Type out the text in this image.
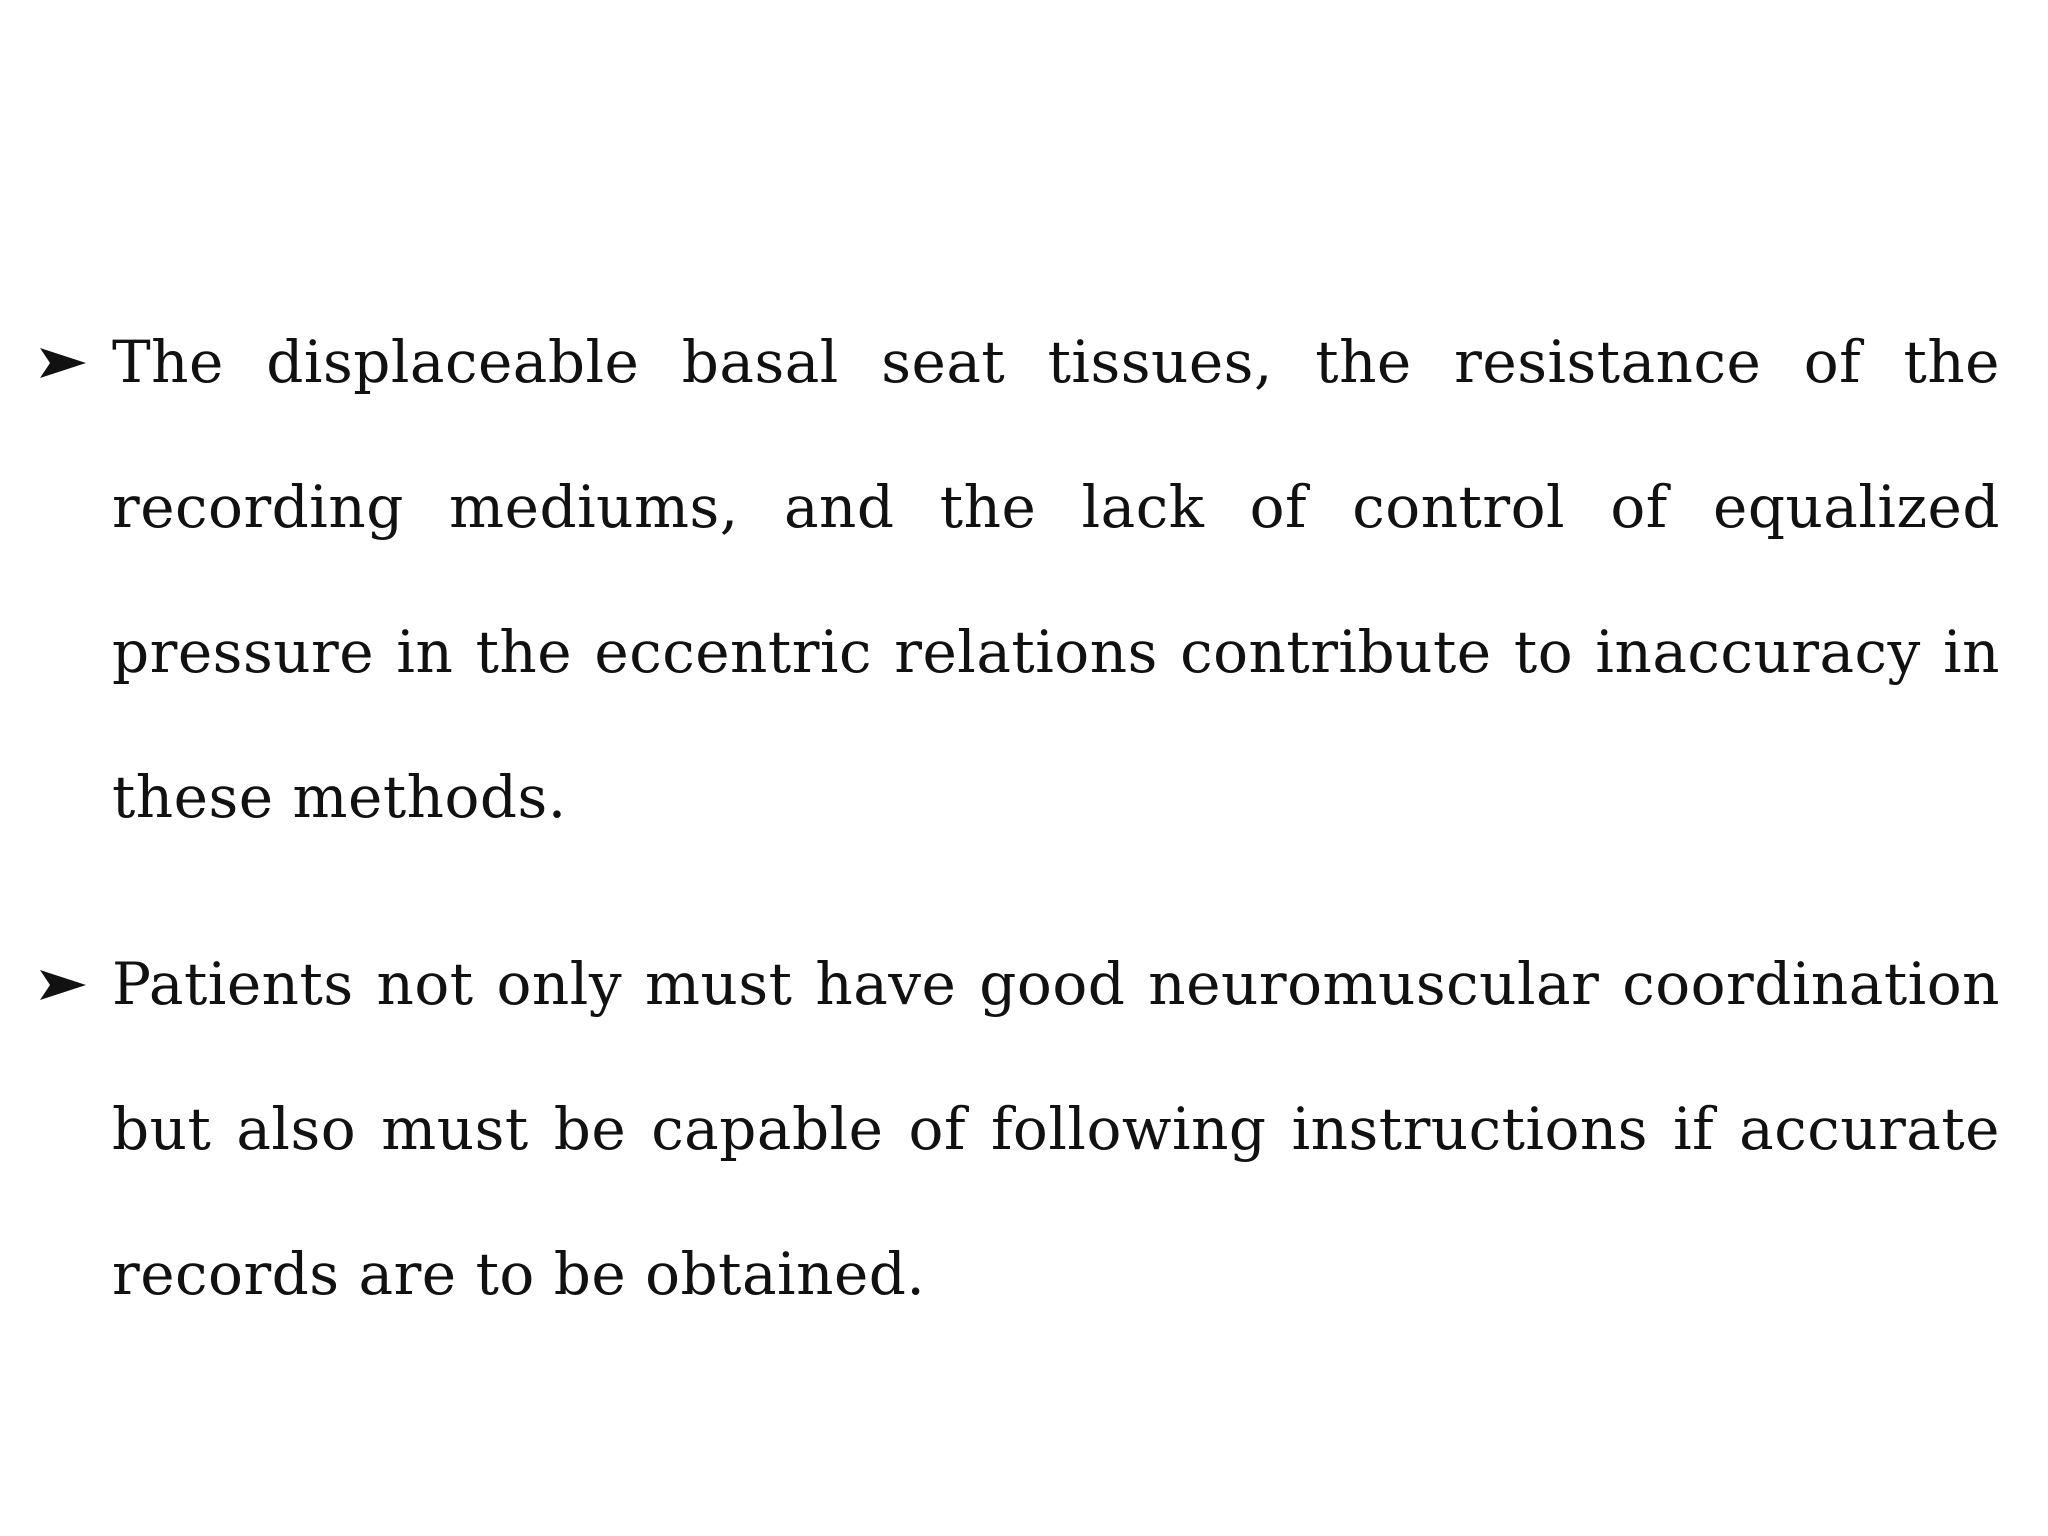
The displaceable basal seat tissues, the resistance of the recording mediums, and the lack of control of equalized pressure in the eccentric relations contribute to inaccuracy in these methods.

Patients not only must have good neuromuscular coordination but also must be capable of following instructions if accurate records are to be obtained.
